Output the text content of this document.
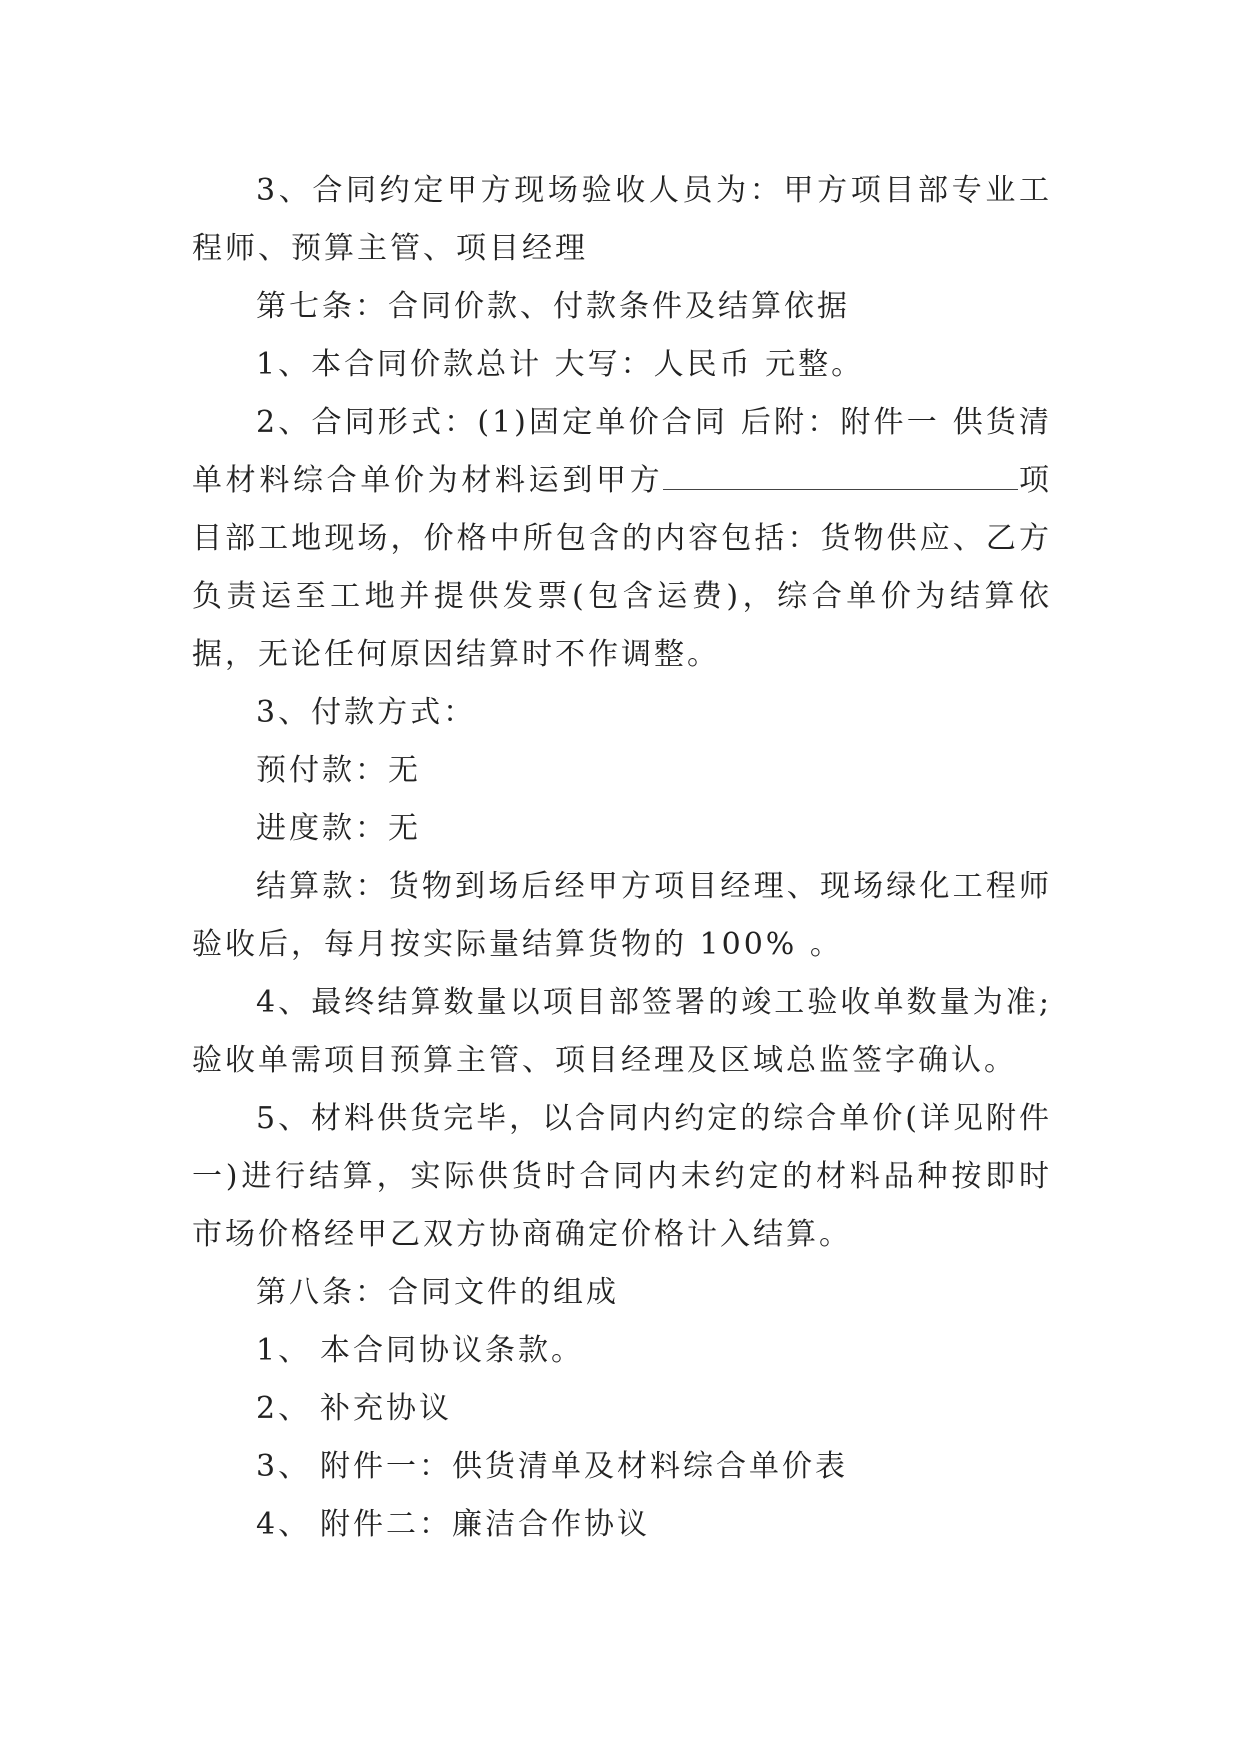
3、合同约定甲方现场验收人员为：甲方项目部专业工程师、预算主管、项目经理

第七条：合同价款、付款条件及结算依据

1、本合同价款总计 大写：人民币 元整。

2、合同形式：(1)固定单价合同 后附：附件一 供货清单材料综合单价为材料运到甲方	项目部工地现场，价格中所包含的内容包括：货物供应、乙方负责运至工地并提供发票(包含运费)，综合单价为结算依据，无论任何原因结算时不作调整。

3、付款方式：

预付款：无

进度款：无

结算款：货物到场后经甲方项目经理、现场绿化工程师验收后，每月按实际量结算货物的 100% 。

4、最终结算数量以项目部签署的竣工验收单数量为准;验收单需项目预算主管、项目经理及区域总监签字确认。

5、材料供货完毕，以合同内约定的综合单价(详见附件一)进行结算，实际供货时合同内未约定的材料品种按即时市场价格经甲乙双方协商确定价格计入结算。

第八条：合同文件的组成

1、 本合同协议条款。

2、 补充协议

3、 附件一：供货清单及材料综合单价表

4、 附件二：廉洁合作协议
